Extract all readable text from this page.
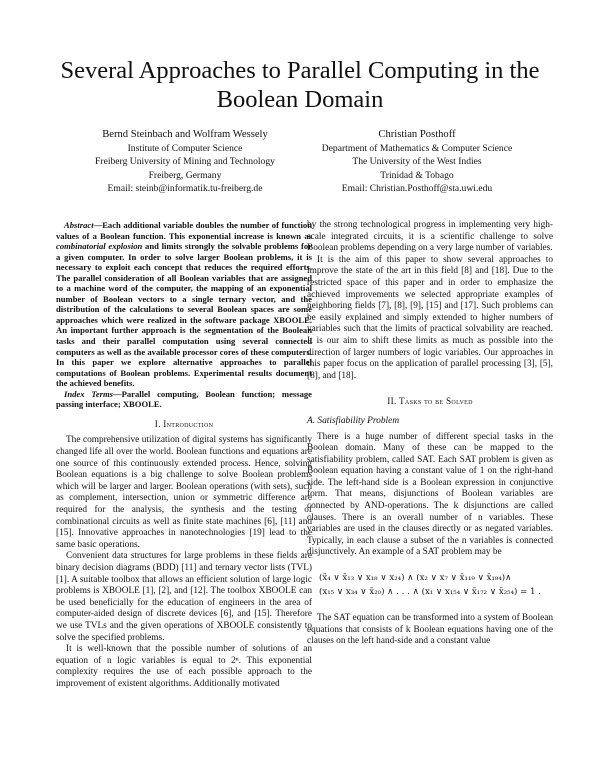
Several Approaches to Parallel Computing in the
Boolean Domain
Bernd Steinbach and Wolfram Wessely
Institute of Computer Science
Freiberg University of Mining and Technology
Freiberg, Germany
Email: steinb@informatik.tu-freiberg.de
Christian Posthoff
Department of Mathematics & Computer Science
The University of the West Indies
Trinidad & Tobago
Email: Christian.Posthoff@sta.uwi.edu

Abstract—Each additional variable doubles the number of function values of a Boolean function. This exponential increase is known as combinatorial explosion and limits strongly the solvable problems for a given computer. In order to solve larger Boolean problems, it is necessary to exploit each concept that reduces the required efforts. The parallel consideration of all Boolean variables that are assigned to a machine word of the computer, the mapping of an exponential number of Boolean vectors to a single ternary vector, and the distribution of the calculations to several Boolean spaces are some approaches which were realized in the software package XBOOLE. An important further approach is the segmentation of the Boolean tasks and their parallel computation using several connected computers as well as the available processor cores of these computers. In this paper we explore alternative approaches to parallel computations of Boolean problems. Experimental results document the achieved benefits.

Index Terms—Parallel computing, Boolean function; message passing interface; XBOOLE.

I. Introduction

The comprehensive utilization of digital systems has significantly changed life all over the world. Boolean functions and equations are one source of this continuously extended process. Hence, solving Boolean equations is a big challenge to solve Boolean problems which will be larger and larger. Boolean operations (with sets), such as complement, intersection, union or symmetric difference are required for the analysis, the synthesis and the testing of combinational circuits as well as finite state machines [6], [11] and [15]. Innovative approaches in nanotechnologies [19] lead to the same basic operations.

Convenient data structures for large problems in these fields are binary decision diagrams (BDD) [11] and ternary vector lists (TVL) [1]. A suitable toolbox that allows an efficient solution of large logic problems is XBOOLE [1], [2], and [12]. The toolbox XBOOLE can be used beneficially for the education of engineers in the area of computer-aided design of discrete devices [6], and [15]. Therefore we use TVLs and the given operations of XBOOLE consistently to solve the specified problems.

It is well-known that the possible number of solutions of an equation of n logic variables is equal to 2ⁿ. This exponential complexity requires the use of each possible approach to the improvement of existent algorithms. Additionally motivated

by the strong technological progress in implementing very high-scale integrated circuits, it is a scientific challenge to solve Boolean problems depending on a very large number of variables.

It is the aim of this paper to show several approaches to improve the state of the art in this field [8] and [18]. Due to the restricted space of this paper and in order to emphasize the achieved improvements we selected appropriate examples of neighboring fields [7], [8], [9], [15] and [17]. Such problems can be easily explained and simply extended to higher numbers of variables such that the limits of practical solvability are reached. It is our aim to shift these limits as much as possible into the direction of larger numbers of logic variables. Our approaches in this paper focus on the application of parallel processing [3], [5], [8], and [18].

II. Tasks to be Solved
A. Satisfiability Problem

There is a huge number of different special tasks in the Boolean domain. Many of these can be mapped to the satisfiability problem, called SAT. Each SAT problem is given as Boolean equation having a constant value of 1 on the right-hand side. The left-hand side is a Boolean expression in conjunctive form. That means, disjunctions of Boolean variables are connected by AND-operations. The k disjunctions are called clauses. There is an overall number of n variables. These variables are used in the clauses directly or as negated variables. Typically, in each clause a subset of the n variables is connected disjunctively. An example of a SAT problem may be

(x̄₄ ∨ x̄₁₃ ∨ x₁₈ ∨ x₂₄) ∧ (x₂ ∨ x₇ ∨ x̄₁₁₉ ∨ x̄₁₈₄)∧
(x₁₅ ∨ x₃₄ ∨ x̄₂₀) ∧ . . . ∧ (x₁ ∨ x₁₅₄ ∨ x̄₁₇₂ ∨ x̄₂₅₄) = 1 .

The SAT equation can be transformed into a system of Boolean equations that consists of k Boolean equations having one of the clauses on the left hand-side and a constant value
